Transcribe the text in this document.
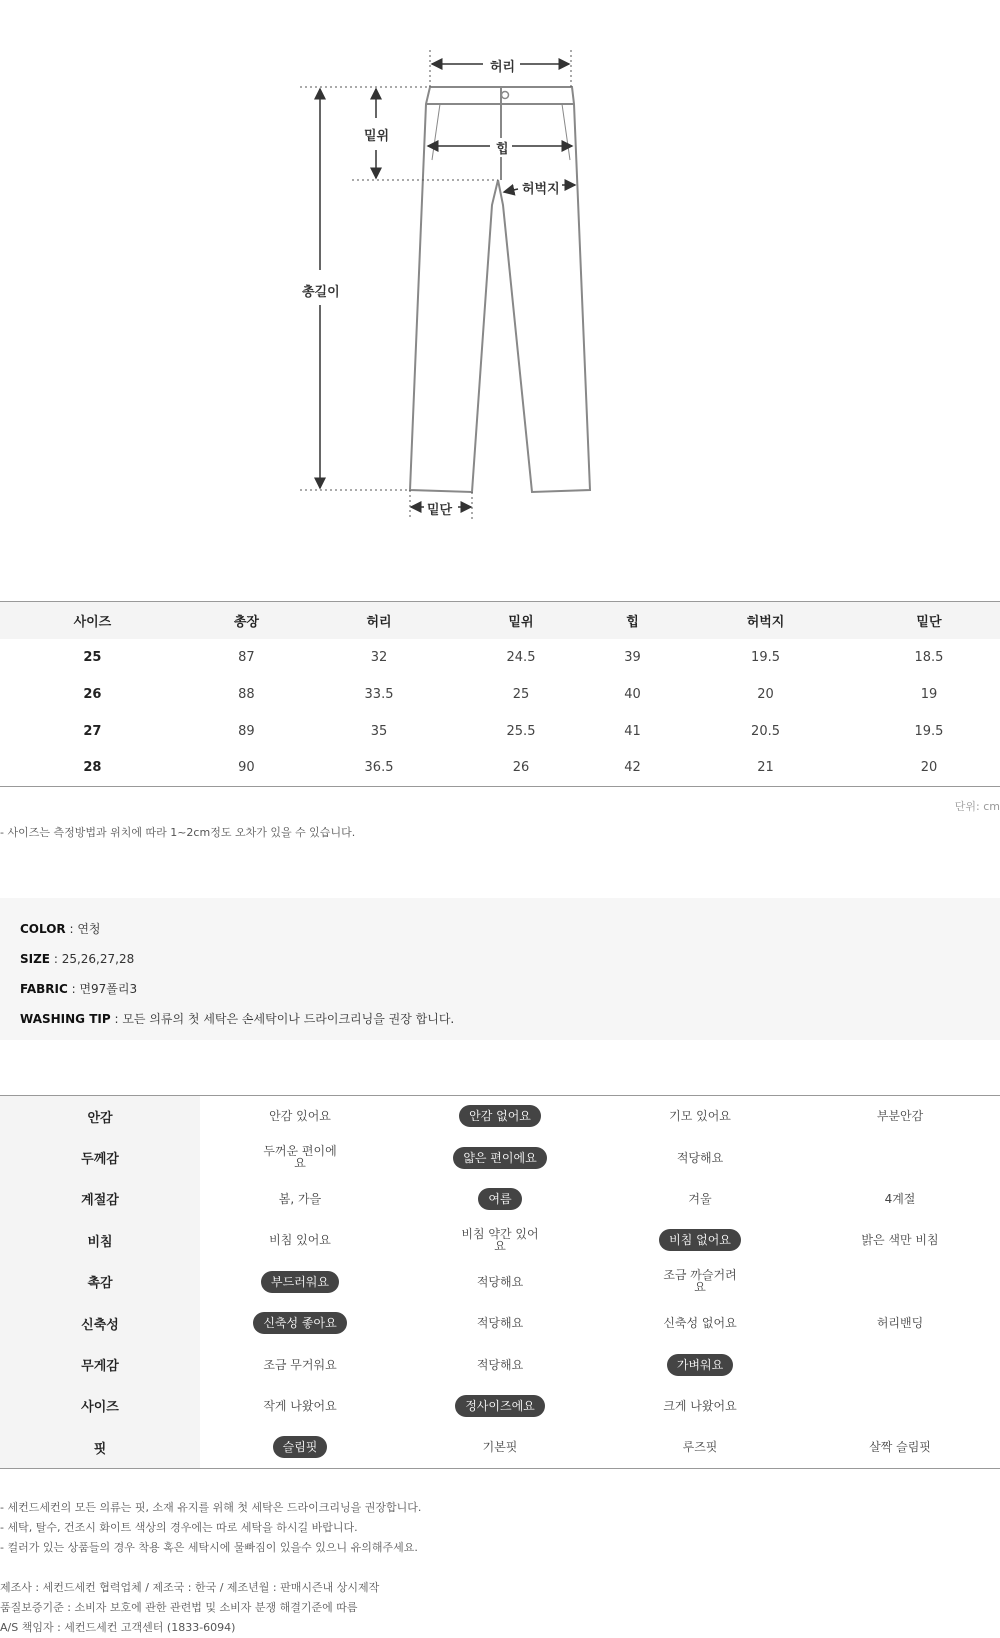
허리
밑위
힙
허벅지
총길이
밑단
사이즈	총장	허리	밑위	힙	허벅지	밑단
25	87	32	24.5	39	19.5	18.5
26	88	33.5	25	40	20	19
27	89	35	25.5	41	20.5	19.5
28	90	36.5	26	42	21	20
단위: cm
- 사이즈는 측정방법과 위치에 따라 1~2cm정도 오차가 있을 수 있습니다.
COLOR : 연청
SIZE : 25,26,27,28
FABRIC : 면97폴리3
WASHING TIP : 모든 의류의 첫 세탁은 손세탁이나 드라이크리닝을 권장 합니다.
안감	안감 있어요	안감 없어요	기모 있어요	부분안감
두께감	두꺼운 편이에요	얇은 편이에요	적당해요	
계절감	봄, 가을	여름	겨울	4계절
비침	비침 있어요	비침 약간 있어요	비침 없어요	밝은 색만 비침
촉감	부드러워요	적당해요	조금 까슬거려요	
신축성	신축성 좋아요	적당해요	신축성 없어요	허리밴딩
무게감	조금 무거워요	적당해요	가벼워요	
사이즈	작게 나왔어요	정사이즈에요	크게 나왔어요	
핏	슬림핏	기본핏	루즈핏	살짝 슬림핏
- 세컨드세컨의 모든 의류는 핏, 소재 유지를 위해 첫 세탁은 드라이크리닝을 권장합니다.
- 세탁, 탈수, 건조시 화이트 색상의 경우에는 따로 세탁을 하시길 바랍니다.
- 컬러가 있는 상품들의 경우 착용 혹은 세탁시에 물빠짐이 있을수 있으니 유의해주세요.
제조사 : 세컨드세컨 협력업체 / 제조국 : 한국 / 제조년월 : 판매시즌내 상시제작
품질보증기준 : 소비자 보호에 관한 관련법 및 소비자 분쟁 해결기준에 따름
A/S 책임자 : 세컨드세컨 고객센터 (1833-6094)
